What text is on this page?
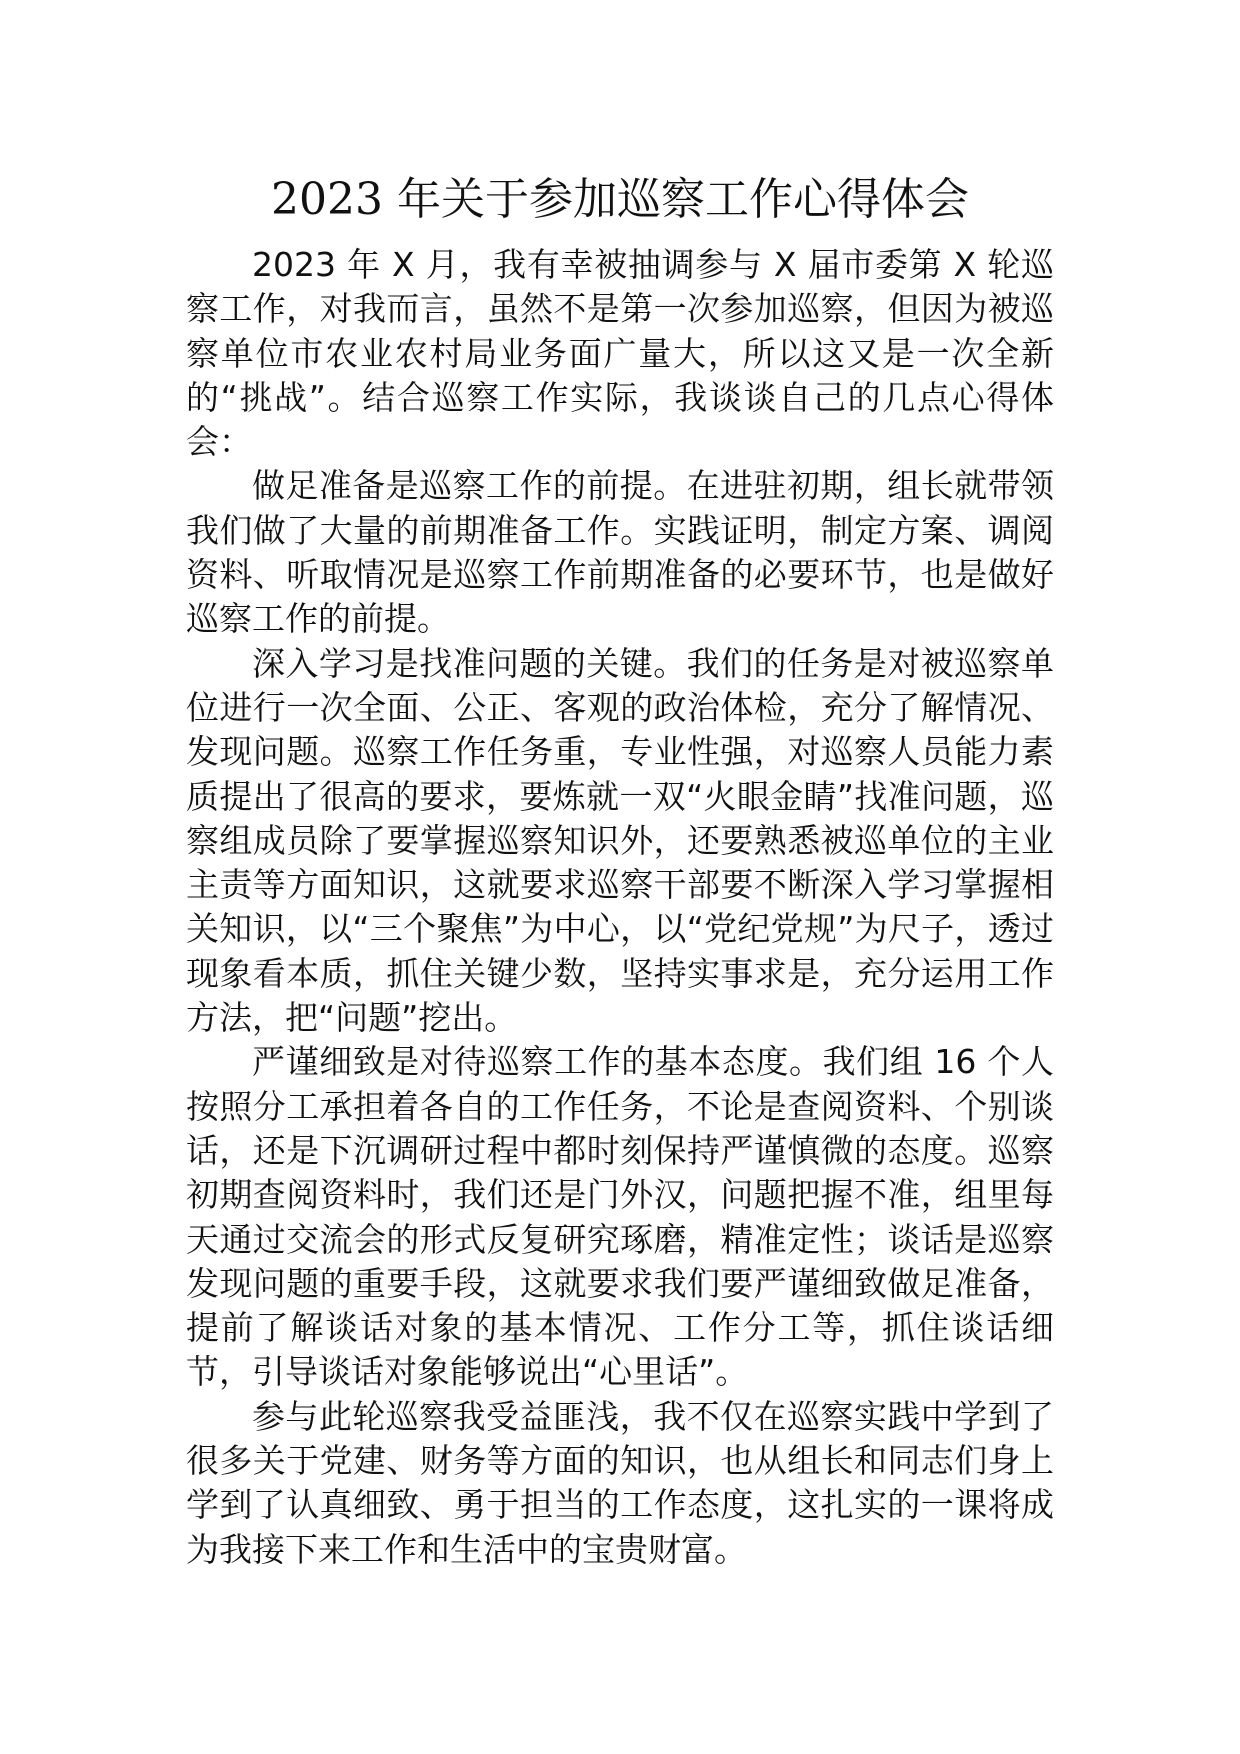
2023 年关于参加巡察工作心得体会

2023 年 X 月，我有幸被抽调参与 X 届市委第 X 轮巡察工作，对我而言，虽然不是第一次参加巡察，但因为被巡察单位市农业农村局业务面广量大，所以这又是一次全新的“挑战”。结合巡察工作实际，我谈谈自己的几点心得体会：

做足准备是巡察工作的前提。在进驻初期，组长就带领我们做了大量的前期准备工作。实践证明，制定方案、调阅资料、听取情况是巡察工作前期准备的必要环节，也是做好巡察工作的前提。

深入学习是找准问题的关键。我们的任务是对被巡察单位进行一次全面、公正、客观的政治体检，充分了解情况、发现问题。巡察工作任务重，专业性强，对巡察人员能力素质提出了很高的要求，要炼就一双“火眼金睛”找准问题，巡察组成员除了要掌握巡察知识外，还要熟悉被巡单位的主业主责等方面知识，这就要求巡察干部要不断深入学习掌握相关知识，以“三个聚焦”为中心，以“党纪党规”为尺子，透过现象看本质，抓住关键少数，坚持实事求是，充分运用工作方法，把“问题”挖出。

严谨细致是对待巡察工作的基本态度。我们组 16 个人按照分工承担着各自的工作任务，不论是查阅资料、个别谈话，还是下沉调研过程中都时刻保持严谨慎微的态度。巡察初期查阅资料时，我们还是门外汉，问题把握不准，组里每天通过交流会的形式反复研究琢磨，精准定性；谈话是巡察发现问题的重要手段，这就要求我们要严谨细致做足准备，提前了解谈话对象的基本情况、工作分工等，抓住谈话细节，引导谈话对象能够说出“心里话”。

参与此轮巡察我受益匪浅，我不仅在巡察实践中学到了很多关于党建、财务等方面的知识，也从组长和同志们身上学到了认真细致、勇于担当的工作态度，这扎实的一课将成为我接下来工作和生活中的宝贵财富。
